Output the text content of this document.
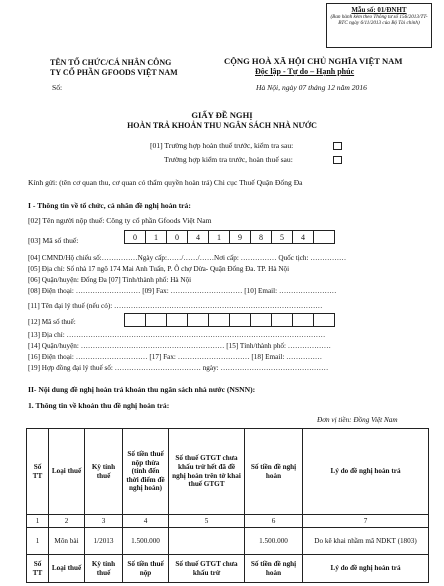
Mẫu số: 01/ĐNHT
(Ban hành kèm theo Thông tư số 156/2013/TT-BTC ngày 6/11/2013 của Bộ Tài chính)
TÊN TỔ CHỨC/CÁ NHÂN CÔNG
TY CỔ PHẦN GFOODS VIỆT NAM
Số:
CỘNG HOÀ XÃ HỘI CHỦ NGHĨA VIỆT NAM
Độc lập - Tự do – Hạnh phúc
Hà Nội, ngày 07 tháng 12 năm 2016
GIẤY ĐỀ NGHỊ
HOÀN TRẢ KHOẢN THU NGÂN SÁCH NHÀ NƯỚC
[01] Trường hợp hoàn thuế trước, kiểm tra sau:
Trường hợp kiểm tra trước, hoàn thuế sau:
Kính gửi: (tên cơ quan thu, cơ quan có thẩm quyền hoàn trả) Chi cục Thuế Quận Đống Đa
I - Thông tin về tổ chức, cá nhân đề nghị hoàn trả:
[02] Tên người nộp thuế: Công ty cổ phần Gfoods Việt Nam
[03] Mã số thuế:	0	1	0	4	1	9	8	5	4
[04] CMND/Hộ chiếu số:……………Ngày cấp:……/……/……Nơi cấp: …………… Quốc tịch: ……………
[05] Địa chỉ: Số nhà 17 ngõ 174 Mai Anh Tuấn, P. Ô chợ Dừa- Quận Đống Đa. TP. Hà Nội
[06] Quận/huyện: Đống Đa [07] Tỉnh/thành phố: Hà Nội
[08] Điện thoại: ……………………… [09] Fax: ………………………… [10] Email: ……………………
[11] Tên đại lý thuế (nếu có): ……………………………………………………………………………
[12] Mã số thuế:
[13] Địa chỉ: ………………………………………………………………………………………………
[14] Quận/huyện: …………………………………………………… [15] Tỉnh/thành phố: ………………
[16] Điện thoại: ………………………… [17] Fax: ………………………… [18] Email: ……………
[19] Hợp đồng đại lý thuế số: ……………………………… ngày: ………………………………………
II- Nội dung đề nghị hoàn trả khoản thu ngân sách nhà nước (NSNN):
1. Thông tin về khoản thu đề nghị hoàn trả:
Đơn vị tiền: Đồng Việt Nam
Số TT	Loại thuế	Kỳ tính thuế	Số tiền thuế nộp thừa (tính đến thời điểm đề nghị hoàn)	Số thuế GTGT chưa khấu trừ hết đã đề nghị hoàn trên tờ khai thuế GTGT	Số tiền đề nghị hoàn	Lý do đề nghị hoàn trả
1	2	3	4	5	6	7
1	Môn bài	1/2013	1.500.000		1.500.000	Do kê khai nhầm mã NDKT (1803)
Số TT	Loại thuế	Kỳ tính thuế	Số tiền thuế nộp	Số thuế GTGT chưa khấu trừ	Số tiền đề nghị hoàn	Lý do đề nghị hoàn trả
